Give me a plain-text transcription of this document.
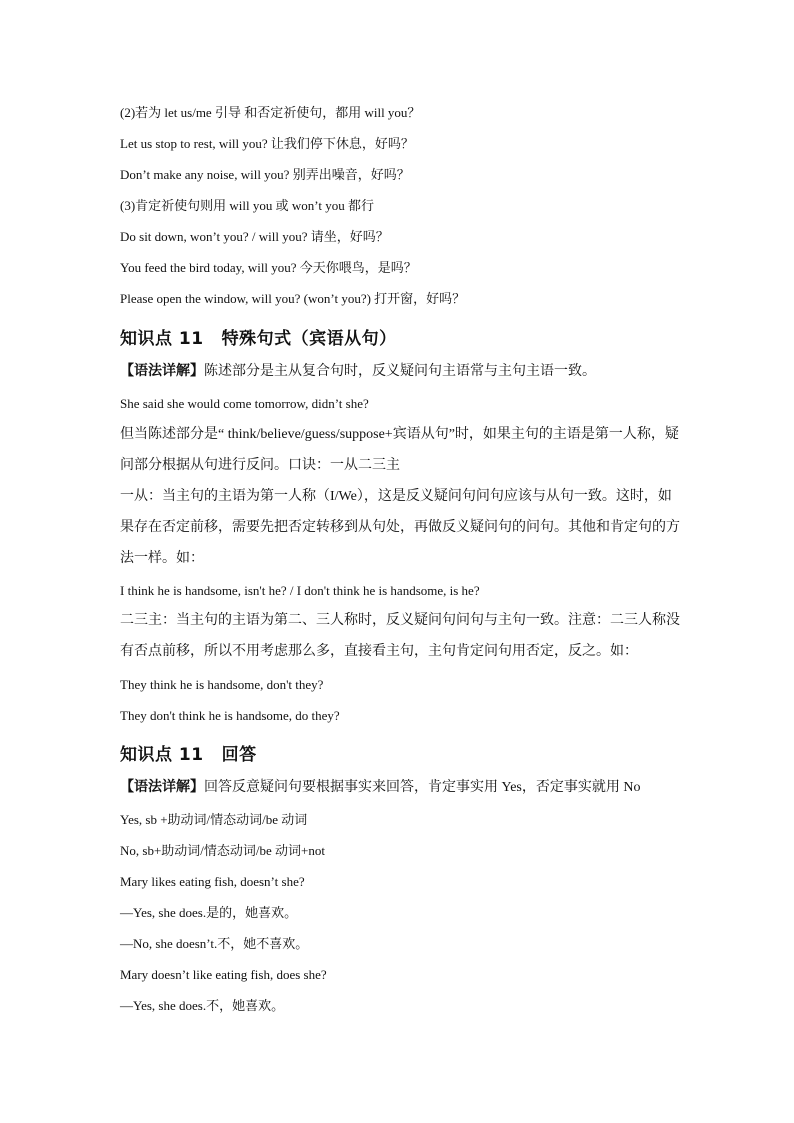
(2)若为 let us/me 引导 和否定祈使句，都用 will you？
Let us stop to rest, will you? 让我们停下休息，好吗？
Don’t make any noise, will you? 别弄出噪音，好吗？
(3)肯定祈使句则用 will you 或 won’t you 都行
Do sit down, won’t you? / will you? 请坐，好吗？
You feed the bird today, will you? 今天你喂鸟，是吗？
Please open the window, will you? (won’t you?) 打开窗，好吗？
知识点 11 特殊句式（宾语从句）
【语法详解】陈述部分是主从复合句时，反义疑问句主语常与主句主语一致。
She said she would come tomorrow, didn’t she?
但当陈述部分是“ think/believe/guess/suppose+宾语从句”时，如果主句的主语是第一人称，疑问部分根据从句进行反问。口诀：一从二三主
一从：当主句的主语为第一人称（I/We），这是反义疑问句问句应该与从句一致。这时，如果存在否定前移，需要先把否定转移到从句处，再做反义疑问句的问句。其他和肯定句的方法一样。如：
I think he is handsome, isn't he? / I don't think he is handsome, is he?
二三主：当主句的主语为第二、三人称时，反义疑问句问句与主句一致。注意：二三人称没有否点前移，所以不用考虑那么多，直接看主句，主句肯定问句用否定，反之。如：
They think he is handsome, don't they?
They don't think he is handsome, do they?
知识点 11 回答
【语法详解】回答反意疑问句要根据事实来回答，肯定事实用 Yes，否定事实就用 No
Yes, sb +助动词/情态动词/be 动词
No, sb+助动词/情态动词/be 动词+not
Mary likes eating fish, doesn’t she?
—Yes, she does.是的，她喜欢。
—No, she doesn’t.不，她不喜欢。
Mary doesn’t like eating fish, does she?
—Yes, she does.不，她喜欢。
